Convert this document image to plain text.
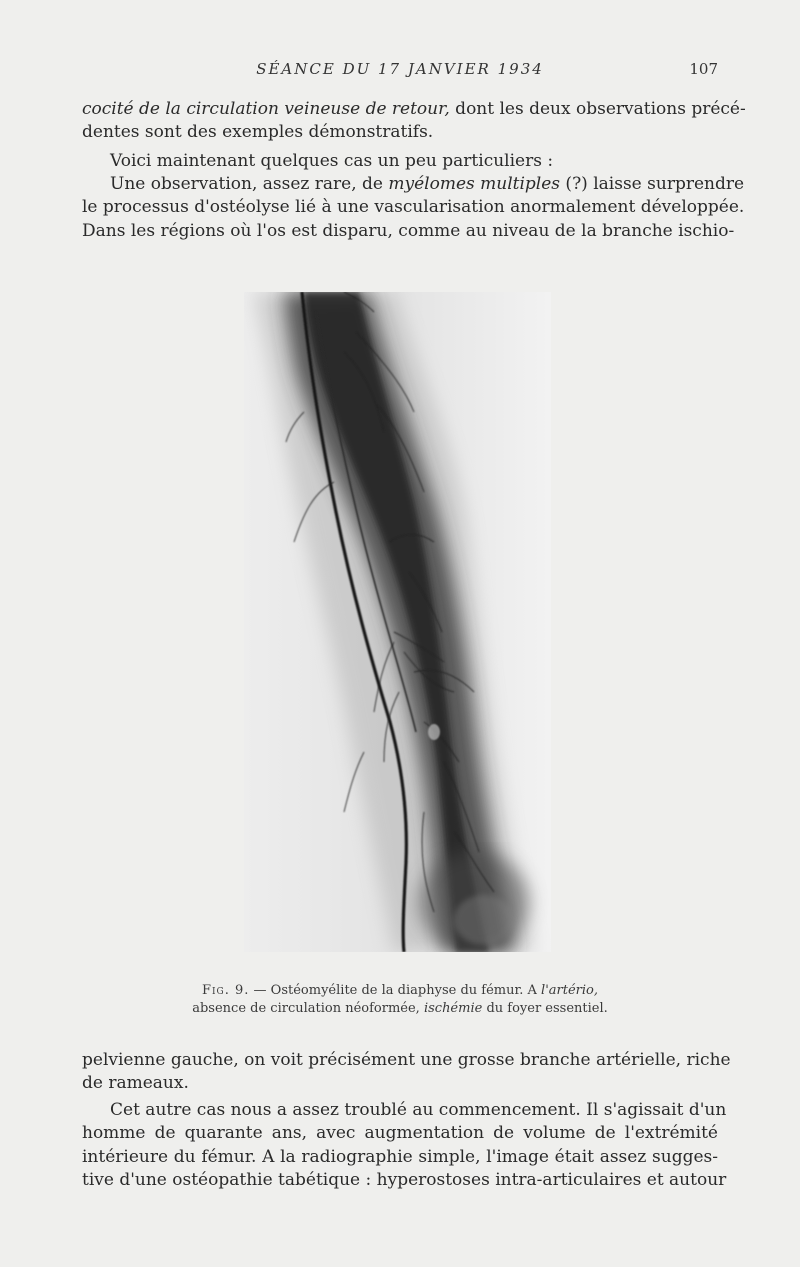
SÉANCE DU 17 JANVIER 1934	107

cocité de la circulation veineuse de retour, dont les deux observations précé-
dentes sont des exemples démonstratifs.

Voici maintenant quelques cas un peu particuliers :

Une observation, assez rare, de myélomes multiples (?) laisse surprendre
le processus d'ostéolyse lié à une vascularisation anormalement développée.
Dans les régions où l'os est disparu, comme au niveau de la branche ischio-

Fig. 9. — Ostéomyélite de la diaphyse du fémur. A l'artério,
absence de circulation néoformée, ischémie du foyer essentiel.

pelvienne gauche, on voit précisément une grosse branche artérielle, riche
de rameaux.

Cet autre cas nous a assez troublé au commencement. Il s'agissait d'un
homme de quarante ans, avec augmentation de volume de l'extrémité
intérieure du fémur. A la radiographie simple, l'image était assez sugges-
tive d'une ostéopathie tabétique : hyperostoses intra-articulaires et autour
